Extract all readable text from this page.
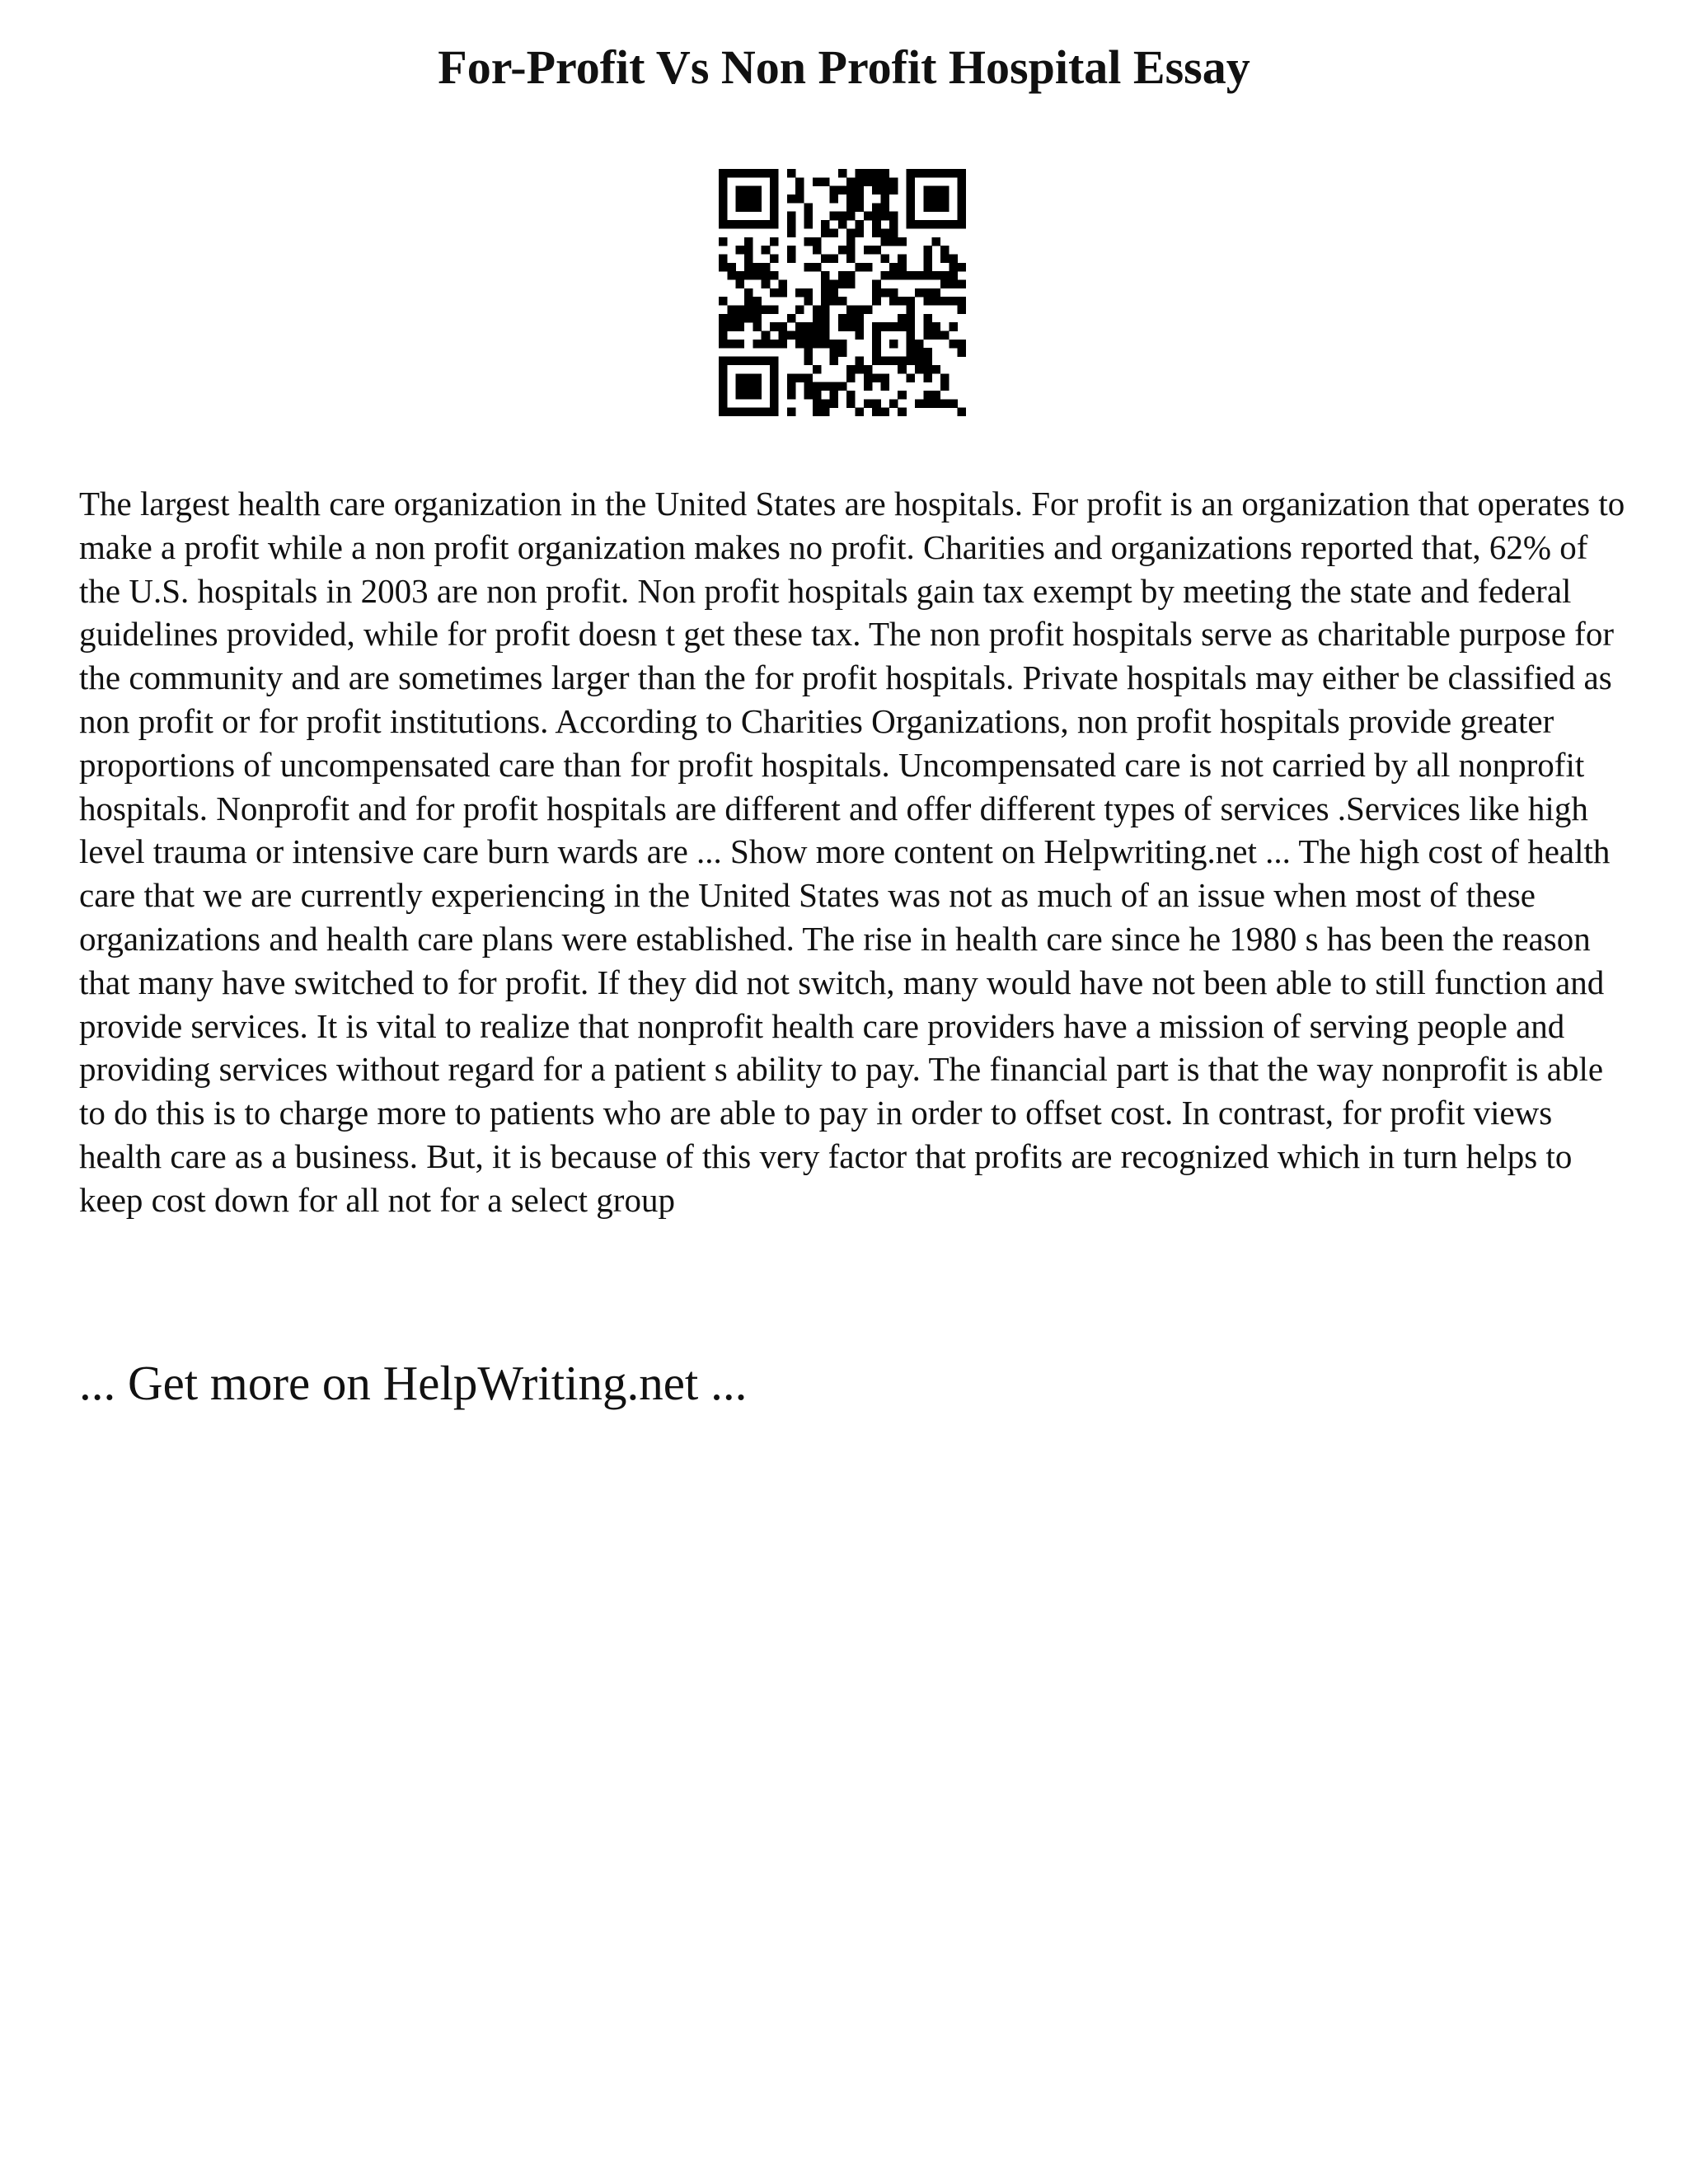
For-Profit Vs Non Profit Hospital Essay

The largest health care organization in the United States are hospitals. For profit is an organization that operates to make a profit while a non profit organization makes no profit. Charities and organizations reported that, 62% of the U.S. hospitals in 2003 are non profit. Non profit hospitals gain tax exempt by meeting the state and federal guidelines provided, while for profit doesn t get these tax. The non profit hospitals serve as charitable purpose for the community and are sometimes larger than the for profit hospitals. Private hospitals may either be classified as non profit or for profit institutions. According to Charities Organizations, non profit hospitals provide greater proportions of uncompensated care than for profit hospitals. Uncompensated care is not carried by all nonprofit hospitals. Nonprofit and for profit hospitals are different and offer different types of services .Services like high level trauma or intensive care burn wards are ... Show more content on Helpwriting.net ... The high cost of health care that we are currently experiencing in the United States was not as much of an issue when most of these organizations and health care plans were established. The rise in health care since he 1980 s has been the reason that many have switched to for profit. If they did not switch, many would have not been able to still function and provide services. It is vital to realize that nonprofit health care providers have a mission of serving people and providing services without regard for a patient s ability to pay. The financial part is that the way nonprofit is able to do this is to charge more to patients who are able to pay in order to offset cost. In contrast, for profit views health care as a business. But, it is because of this very factor that profits are recognized which in turn helps to keep cost down for all not for a select group

... Get more on HelpWriting.net ...
